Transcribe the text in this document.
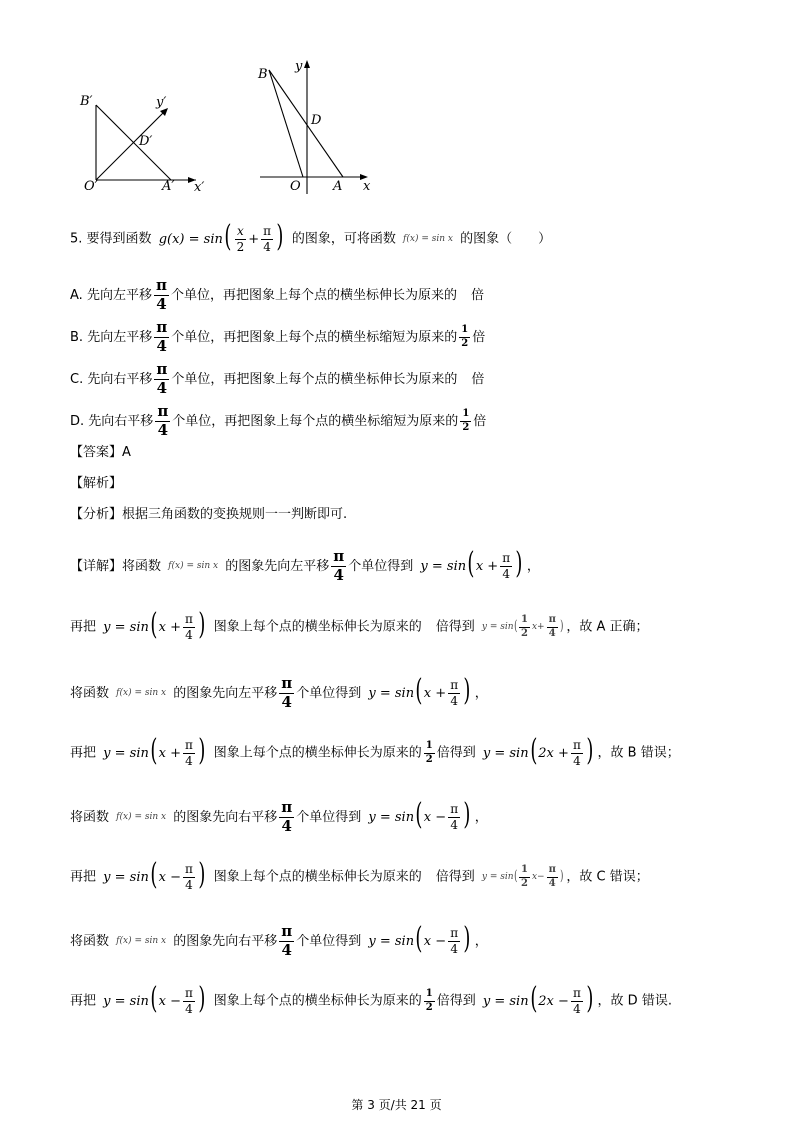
B′	y′
D′
O′	A′ x′
B
y
D
O A x
5. 要得到函数 g(x) = sin ( $\frac{x}{2} + \frac{\pi}{4}$ ) 的图象，可将函数 f(x) = sin x 的图象（　　）
A. 先向左平移 $\frac{\pi}{4}$ 个单位，再把图象上每个点的横坐标伸长为原来的 倍
B. 先向左平移 $\frac{\pi}{4}$ 个单位，再把图象上每个点的横坐标缩短为原来的 $\frac{1}{2}$ 倍
C. 先向右平移 $\frac{\pi}{4}$ 个单位，再把图象上每个点的横坐标伸长为原来的 倍
D. 先向右平移 $\frac{\pi}{4}$ 个单位，再把图象上每个点的横坐标缩短为原来的 $\frac{1}{2}$ 倍
【答案】A
【解析】
【分析】根据三角函数的变换规则一一判断即可.
【详解】将函数 f(x) = sin x 的图象先向左平移 $\frac{\pi}{4}$ 个单位得到 y = sin ( x
+ $\frac{\pi}{4}$ ) ，
再把 y = sin ( x
+ $\frac{\pi}{4}$ ) 图象上每个点的横坐标伸长为原来的 倍得到 y = sin ( $\frac{1}{2}$ $x + \frac{\pi}{4}$ ) ，故 A 正确；
将函数 f(x) = sin x 的图象先向左平移 $\frac{\pi}{4}$ 个单位得到 y = sin ( x
+ $\frac{\pi}{4}$ ) ，
再把 y = sin ( x
+ $\frac{\pi}{4}$ ) 图象上每个点的横坐标伸长为原来的 $\frac{1}{2}$ 倍得到 y = sin ( 2x
+ $\frac{\pi}{4}$ ) ，故 B 错误；
将函数 f(x) = sin x 的图象先向右平移 $\frac{\pi}{4}$ 个单位得到 y = sin ( x
− $\frac{\pi}{4}$ ) ，
再把 y = sin ( x
− $\frac{\pi}{4}$ ) 图象上每个点的横坐标伸长为原来的 倍得到 y = sin ( $\frac{1}{2}$ $x - \frac{\pi}{4}$ ) ，故 C 错误；
将函数 f(x) = sin x 的图象先向右平移 $\frac{\pi}{4}$ 个单位得到 y = sin ( x
− $\frac{\pi}{4}$ ) ，
再把 y = sin ( x
− $\frac{\pi}{4}$ ) 图象上每个点的横坐标伸长为原来的 $\frac{1}{2}$ 倍得到 y = sin ( 2x
− $\frac{\pi}{4}$ ) ，故 D 错误.
第 3 页/共 21 页
